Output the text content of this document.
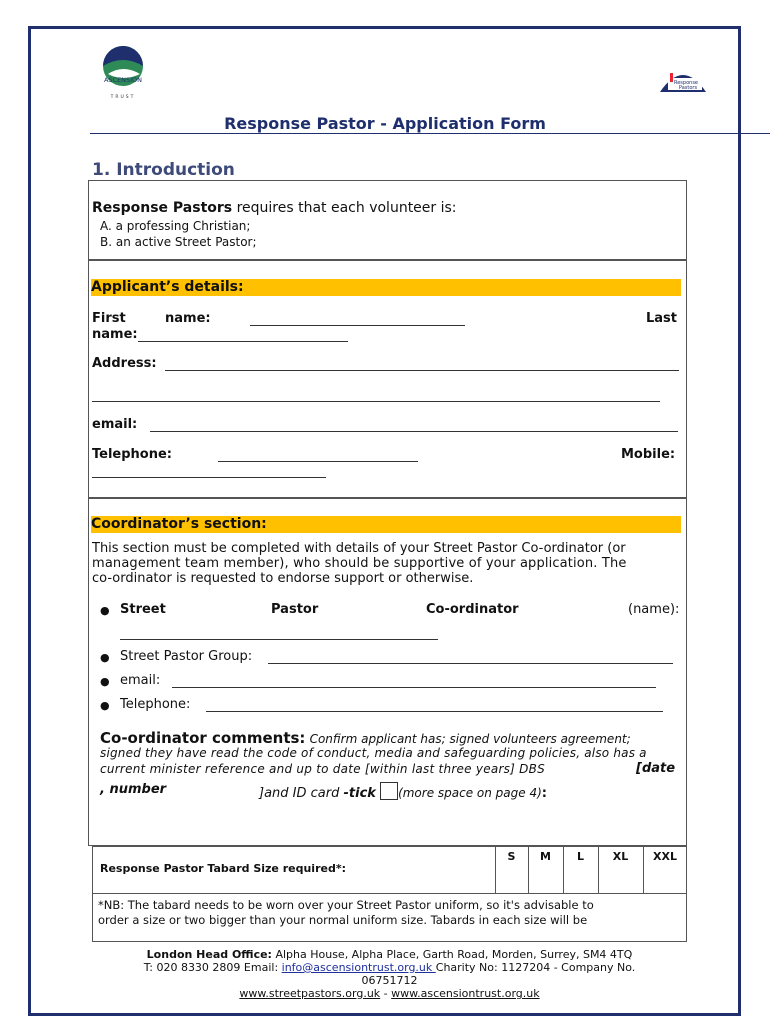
ASCENSION
TRUST
Response
Pastors
Response Pastor - Application Form
1. Introduction
Response Pastors requires that each volunteer is:
A. a professing Christian;
B. an active Street Pastor;
Applicant’s details:
First	name:	Last
name:
Address:
email:
Telephone:	Mobile:
Coordinator’s section:
This section must be completed with details of your Street Pastor Co-ordinator (or
management team member), who should be supportive of your application. The
co-ordinator is requested to endorse support or otherwise.
● Street	Pastor	Co-ordinator	(name):
● Street Pastor Group:
● email:
● Telephone:
Co-ordinator comments: Confirm applicant has; signed volunteers agreement;
signed they have read the code of conduct, media and safeguarding policies, also has a
current minister reference and up to date [within last three years] DBS	[date
, number	]and ID card -tick (more space on page 4):
Response Pastor Tabard Size required*:
S	M	L	XL	XXL
*NB: The tabard needs to be worn over your Street Pastor uniform, so it's advisable to
order a size or two bigger than your normal uniform size. Tabards in each size will be
London Head Office: Alpha House, Alpha Place, Garth Road, Morden, Surrey, SM4 4TQ
T: 020 8330 2809 Email: info@ascensiontrust.org.uk Charity No: 1127204 - Company No.
06751712
www.streetpastors.org.uk - www.ascensiontrust.org.uk
